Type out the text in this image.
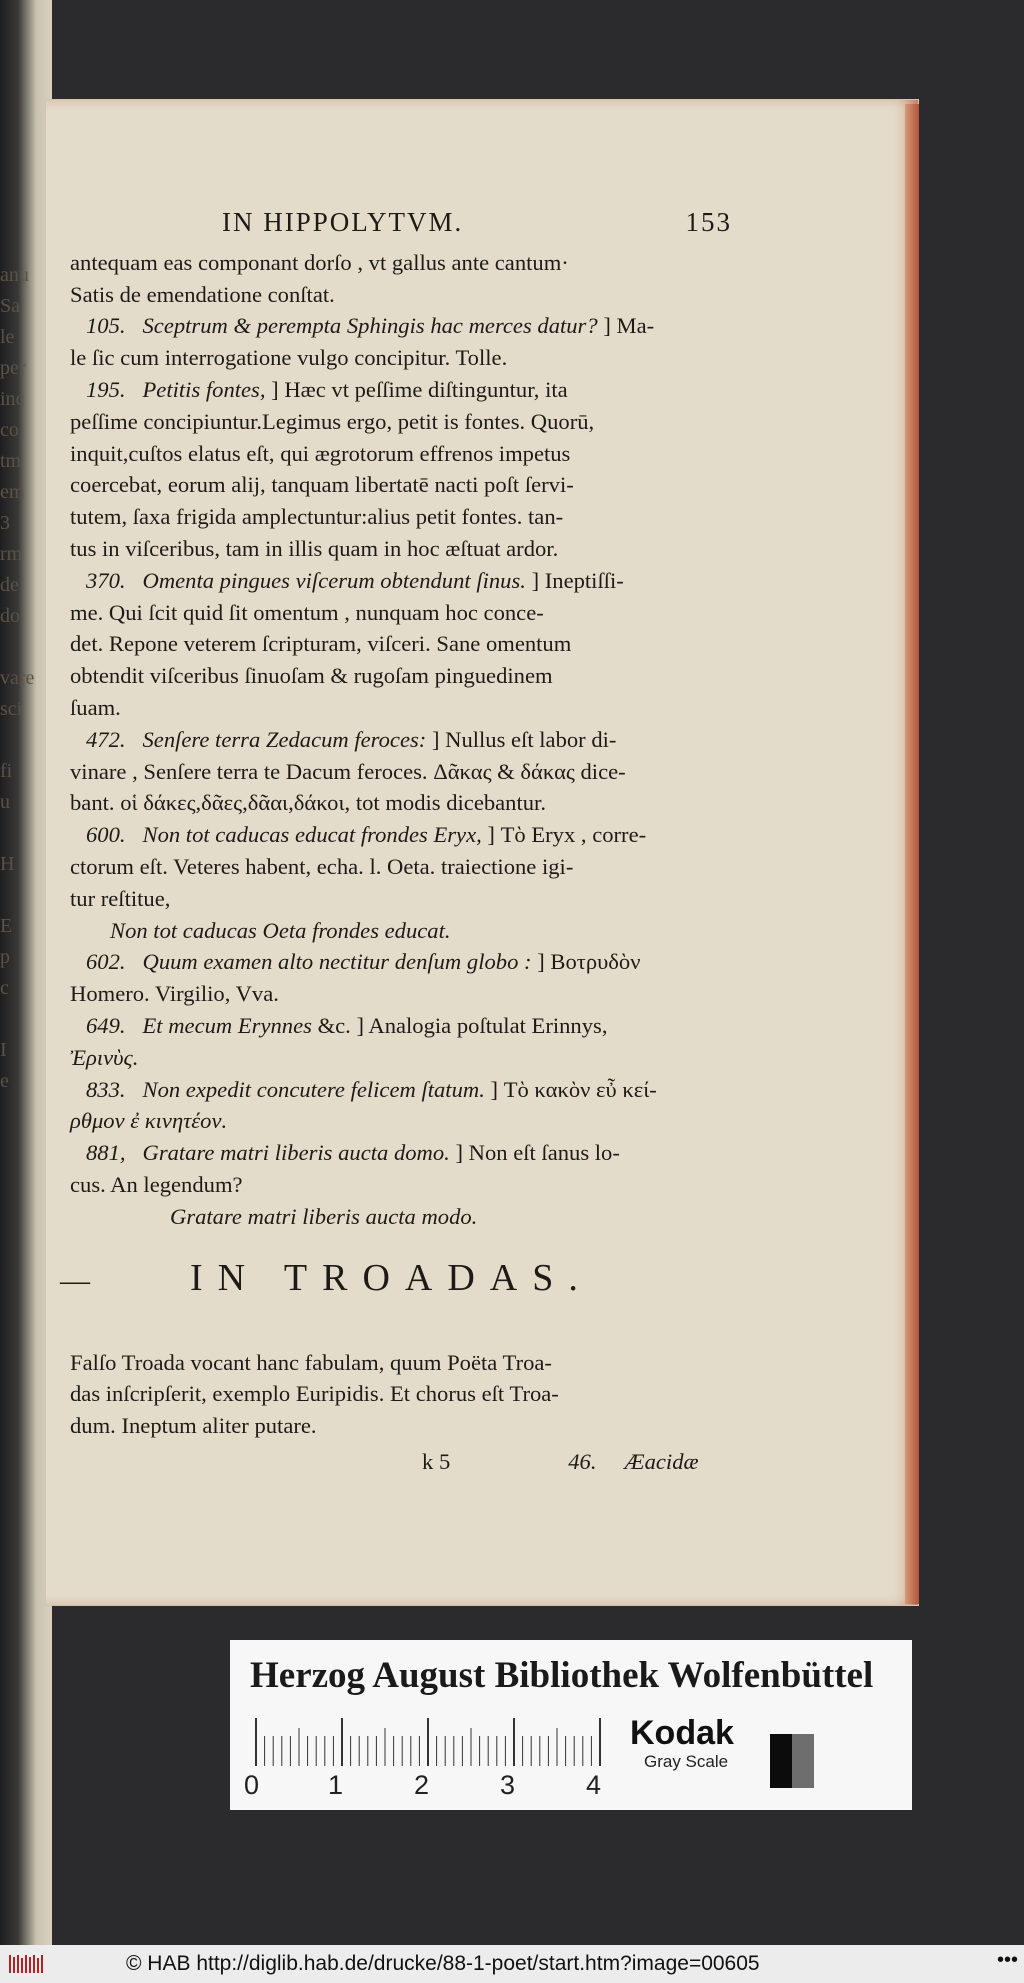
anu
Sa
le
per
inc
co
tm
em
3
rm
de
do

vare
sci

fi
u

H

E
p
c

I
e
IN HIPPOLYTVM.	153
antequam eas componant dorſo , vt gallus ante cantum·
Satis de emendatione conſtat.
105. Sceptrum & perempta Sphingis hac merces datur? ] Ma-
le ſic cum interrogatione vulgo concipitur. Tolle.
195. Petitis fontes, ] Hæc vt peſſime diſtinguntur, ita
peſſime concipiuntur.Legimus ergo, petit is fontes. Quorū,
inquit,cuſtos elatus eſt, qui ægrotorum effrenos impetus
coercebat, eorum alij, tanquam libertatē nacti poſt ſervi-
tutem, ſaxa frigida amplectuntur:alius petit fontes. tan-
tus in viſceribus, tam in illis quam in hoc æſtuat ardor.
370. Omenta pingues viſcerum obtendunt ſinus. ] Ineptiſſi-
me. Qui ſcit quid ſit omentum , nunquam hoc conce-
det. Repone veterem ſcripturam, viſceri. Sane omentum
obtendit viſceribus ſinuoſam & rugoſam pinguedinem
ſuam.
472. Senſere terra Zedacum feroces: ] Nullus eſt labor di-
vinare , Senſere terra te Dacum feroces. Δᾶκας & δάκας dice-
bant. οἱ δάκες,δᾶες,δᾶαι,δάκοι, tot modis dicebantur.
600. Non tot caducas educat frondes Eryx, ] Τὸ Eryx , corre-
ctorum eſt. Veteres habent, echa. l. Oeta. traiectione igi-
tur reſtitue,
Non tot caducas Oeta frondes educat.
602. Quum examen alto nectitur denſum globo : ] Βοτρυδὸν
Homero. Virgilio, Vva.
649. Et mecum Erynnes &c. ] Analogia poſtulat Erinnys,
Ἐρινὺς.
833. Non expedit concutere felicem ſtatum. ] Τὸ κακὸν εὖ κεί-
ρθμον ἐ κινητέον.
881, Gratare matri liberis aucta domo. ] Non eſt ſanus lo-
cus. An legendum?
Gratare matri liberis aucta modo.
—	IN TROADAS.
Falſo Troada vocant hanc fabulam, quum Poëta Troa-
das inſcripſerit, exemplo Euripidis. Et chorus eſt Troa-
dum. Ineptum aliter putare.
k 5	46. Æacidæ
Herzog August Bibliothek Wolfenbüttel
0	1	2	3	4
Kodak
Gray Scale
© HAB http://diglib.hab.de/drucke/88-1-poet/start.htm?image=00605	•••
